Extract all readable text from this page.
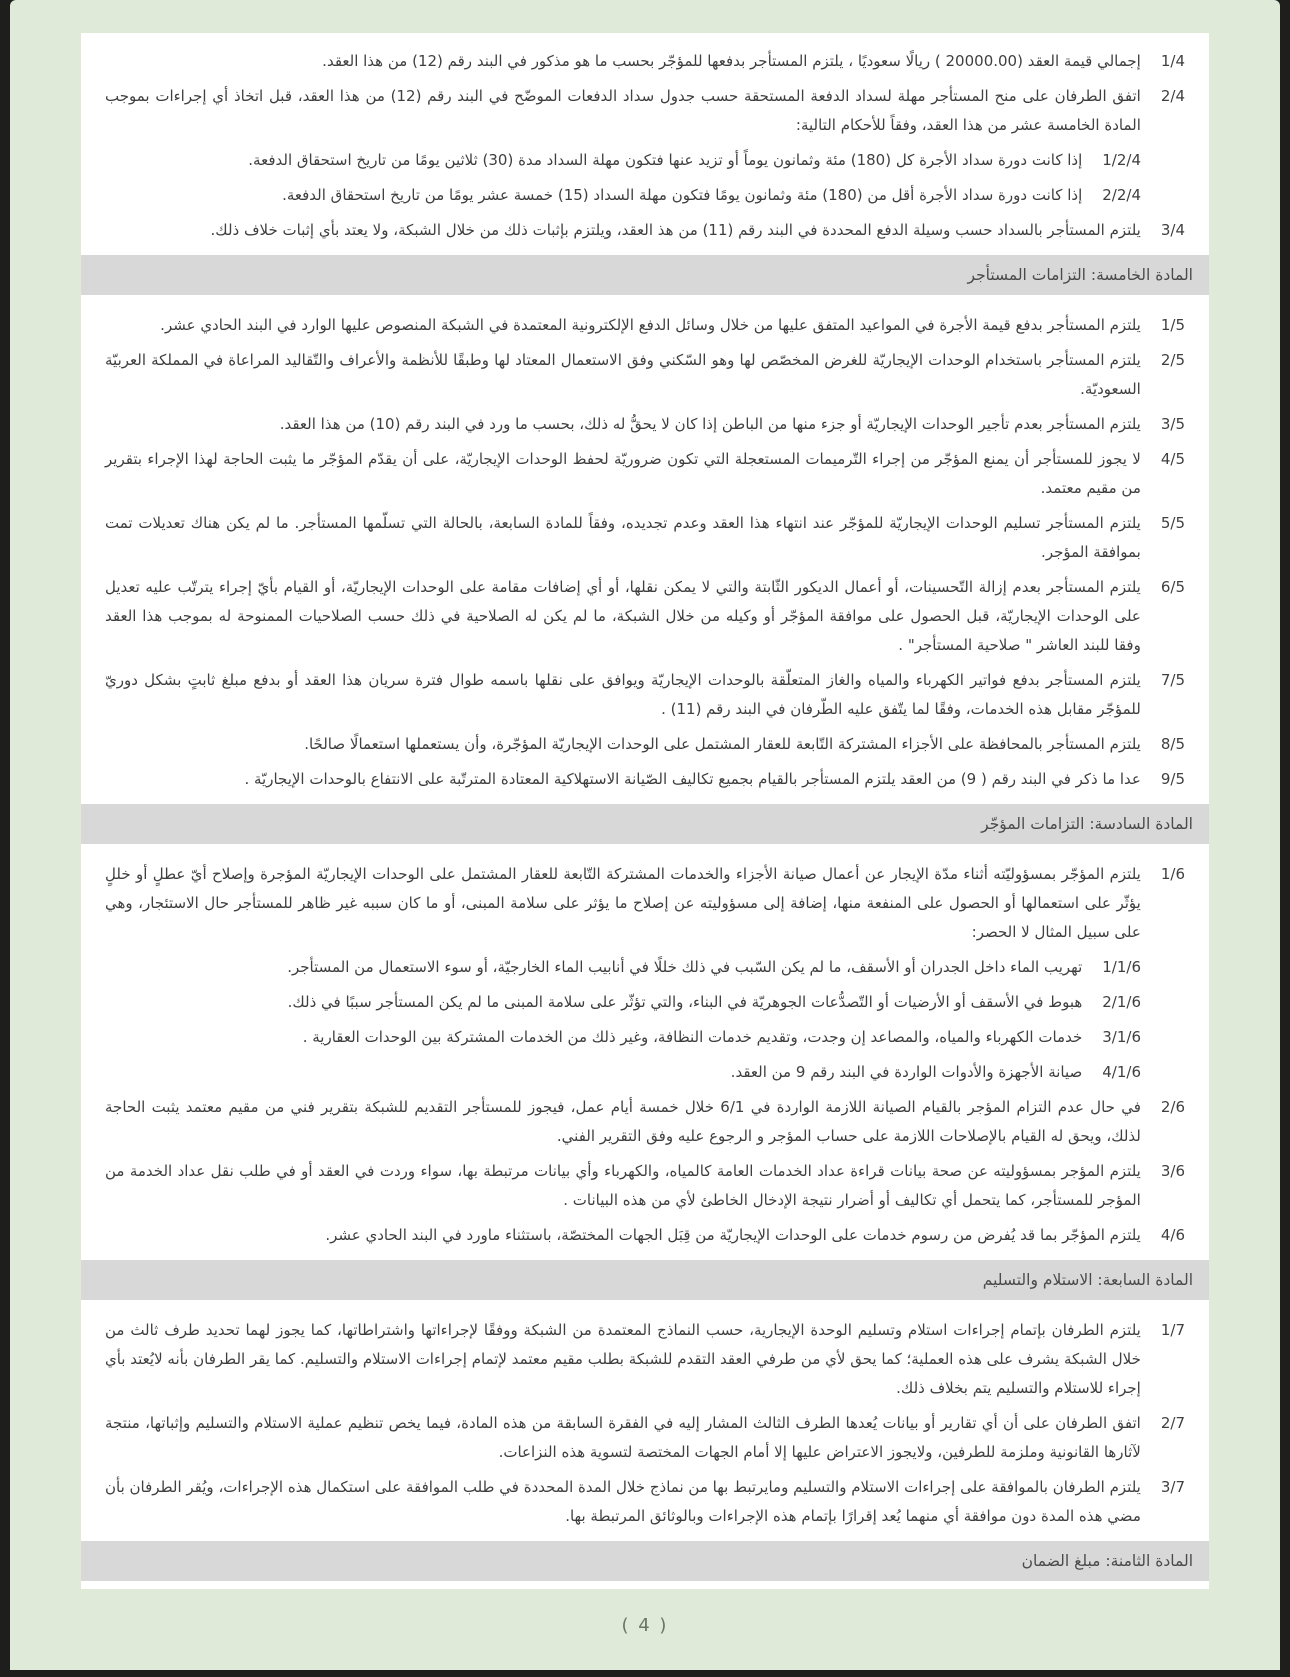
1/4
إجمالي قيمة العقد (20000.00 ) ريالًا سعوديًا ، يلتزم المستأجر بدفعها للمؤجّر بحسب ما هو مذكور في البند رقم (12) من هذا العقد.
2/4
اتفق الطرفان على منح المستأجر مهلة لسداد الدفعة المستحقة حسب جدول سداد الدفعات الموضّح في البند رقم (12) من هذا العقد، قبل اتخاذ أي إجراءات بموجب المادة الخامسة عشر من هذا العقد، وفقاً للأحكام التالية:
1/2/4
إذا كانت دورة سداد الأجرة كل (180) مئة وثمانون يوماً أو تزيد عنها فتكون مهلة السداد مدة (30) ثلاثين يومًا من تاريخ استحقاق الدفعة.
2/2/4
إذا كانت دورة سداد الأجرة أقل من (180) مئة وثمانون يومًا فتكون مهلة السداد (15) خمسة عشر يومًا من تاريخ استحقاق الدفعة.
3/4
يلتزم المستأجر بالسداد حسب وسيلة الدفع المحددة في البند رقم (11) من هذ العقد، ويلتزم بإثبات ذلك من خلال الشبكة، ولا يعتد بأي إثبات خلاف ذلك.
المادة الخامسة: التزامات المستأجر
1/5
يلتزم المستأجر بدفع قيمة الأجرة في المواعيد المتفق عليها من خلال وسائل الدفع الإلكترونية المعتمدة في الشبكة المنصوص عليها الوارد في البند الحادي عشر.
2/5
يلتزم المستأجر باستخدام الوحدات الإيجاريّة للغرض المخصّص لها وهو السّكني وفق الاستعمال المعتاد لها وطبقًا للأنظمة والأعراف والتّقاليد المراعاة في المملكة العربيّة السعوديّة.
3/5
يلتزم المستأجر بعدم تأجير الوحدات الإيجاريّة أو جزء منها من الباطن إذا كان لا يحقُّ له ذلك، بحسب ما ورد في البند رقم (10) من هذا العقد.
4/5
لا يجوز للمستأجر أن يمنع المؤجّر من إجراء التّرميمات المستعجلة التي تكون ضروريّة لحفظ الوحدات الإيجاريّة، على أن يقدّم المؤجّر ما يثبت الحاجة لهذا الإجراء بتقرير من مقيم معتمد.
5/5
يلتزم المستأجر تسليم الوحدات الإيجاريّة للمؤجّر عند انتهاء هذا العقد وعدم تجديده، وفقاً للمادة السابعة، بالحالة التي تسلّمها المستأجر. ما لم يكن هناك تعديلات تمت بموافقة المؤجر.
6/5
يلتزم المستأجر بعدم إزالة التّحسينات، أو أعمال الديكور الثّابتة والتي لا يمكن نقلها، أو أي إضافات مقامة على الوحدات الإيجاريّة، أو القيام بأيّ إجراء يترتّب عليه تعديل على الوحدات الإيجاريّة، قبل الحصول على موافقة المؤجّر أو وكيله من خلال الشبكة، ما لم يكن له الصلاحية في ذلك حسب الصلاحيات الممنوحة له بموجب هذا العقد وفقا للبند العاشر " صلاحية المستأجر" .
7/5
يلتزم المستأجر بدفع فواتير الكهرباء والمياه والغاز المتعلّقة بالوحدات الإيجاريّة ويوافق على نقلها باسمه طوال فترة سريان هذا العقد أو بدفع مبلغ ثابتٍ بشكل دوريّ للمؤجّر مقابل هذه الخدمات، وفقًا لما يتّفق عليه الطّرفان في البند رقم (11) .
8/5
يلتزم المستأجر بالمحافظة على الأجزاء المشتركة التّابعة للعقار المشتمل على الوحدات الإيجاريّة المؤجّرة، وأن يستعملها استعمالًا صالحًا.
9/5
عدا ما ذكر في البند رقم ( 9) من العقد يلتزم المستأجر بالقيام بجميع تكاليف الصّيانة الاستهلاكية المعتادة المترتّبة على الانتفاع بالوحدات الإيجاريّة .
المادة السادسة: التزامات المؤجّر
1/6
يلتزم المؤجّر بمسؤوليّته أثناء مدّة الإيجار عن أعمال صيانة الأجزاء والخدمات المشتركة التّابعة للعقار المشتمل على الوحدات الإيجاريّة المؤجرة وإصلاح أيّ عطلٍ أو خللٍ يؤثّر على استعمالها أو الحصول على المنفعة منها، إضافة إلى مسؤوليته عن إصلاح ما يؤثر على سلامة المبنى، أو ما كان سببه غير ظاهر للمستأجر حال الاستئجار، وهي على سبيل المثال لا الحصر:
1/1/6
تهريب الماء داخل الجدران أو الأسقف، ما لم يكن السّبب في ذلك خللًا في أنابيب الماء الخارجيّة، أو سوء الاستعمال من المستأجر.
2/1/6
هبوط في الأسقف أو الأرضيات أو التّصدُّعات الجوهريّة في البناء، والتي تؤثّر على سلامة المبنى ما لم يكن المستأجر سببًا في ذلك.
3/1/6
خدمات الكهرباء والمياه، والمصاعد إن وجدت، وتقديم خدمات النظافة، وغير ذلك من الخدمات المشتركة بين الوحدات العقارية .
4/1/6
صيانة الأجهزة والأدوات الواردة في البند رقم 9 من العقد.
2/6
في حال عدم التزام المؤجر بالقيام الصيانة اللازمة الواردة في 6/1 خلال خمسة أيام عمل، فيجوز للمستأجر التقديم للشبكة بتقرير فني من مقيم معتمد يثبت الحاجة لذلك، ويحق له القيام بالإصلاحات اللازمة على حساب المؤجر و الرجوع عليه وفق التقرير الفني.
3/6
يلتزم المؤجر بمسؤوليته عن صحة بيانات قراءة عداد الخدمات العامة كالمياه، والكهرباء وأي بيانات مرتبطة بها، سواء وردت في العقد أو في طلب نقل عداد الخدمة من المؤجر للمستأجر، كما يتحمل أي تكاليف أو أضرار نتيجة الإدخال الخاطئ لأي من هذه البيانات .
4/6
يلتزم المؤجّر بما قد يُفرض من رسوم خدمات على الوحدات الإيجاريّة من قِبَل الجهات المختصّة، باستثناء ماورد في البند الحادي عشر.
المادة السابعة: الاستلام والتسليم
1/7
يلتزم الطرفان بإتمام إجراءات استلام وتسليم الوحدة الإيجارية، حسب النماذج المعتمدة من الشبكة ووفقًا لإجراءاتها واشتراطاتها، كما يجوز لهما تحديد طرف ثالث من خلال الشبكة يشرف على هذه العملية؛ كما يحق لأي من طرفي العقد التقدم للشبكة بطلب مقيم معتمد لإتمام إجراءات الاستلام والتسليم. كما يقر الطرفان بأنه لايُعتد بأي إجراء للاستلام والتسليم يتم بخلاف ذلك.
2/7
اتفق الطرفان على أن أي تقارير أو بيانات يُعدها الطرف الثالث المشار إليه في الفقرة السابقة من هذه المادة، فيما يخص تنظيم عملية الاستلام والتسليم وإثباتها، منتجة لآثارها القانونية وملزمة للطرفين، ولايجوز الاعتراض عليها إلا أمام الجهات المختصة لتسوية هذه النزاعات.
3/7
يلتزم الطرفان بالموافقة على إجراءات الاستلام والتسليم ومايرتبط بها من نماذج خلال المدة المحددة في طلب الموافقة على استكمال هذه الإجراءات، ويُقر الطرفان بأن مضي هذه المدة دون موافقة أي منهما يُعد إقرارًا بإتمام هذه الإجراءات وبالوثائق المرتبطة بها.
المادة الثامنة: مبلغ الضمان
( 4 )
